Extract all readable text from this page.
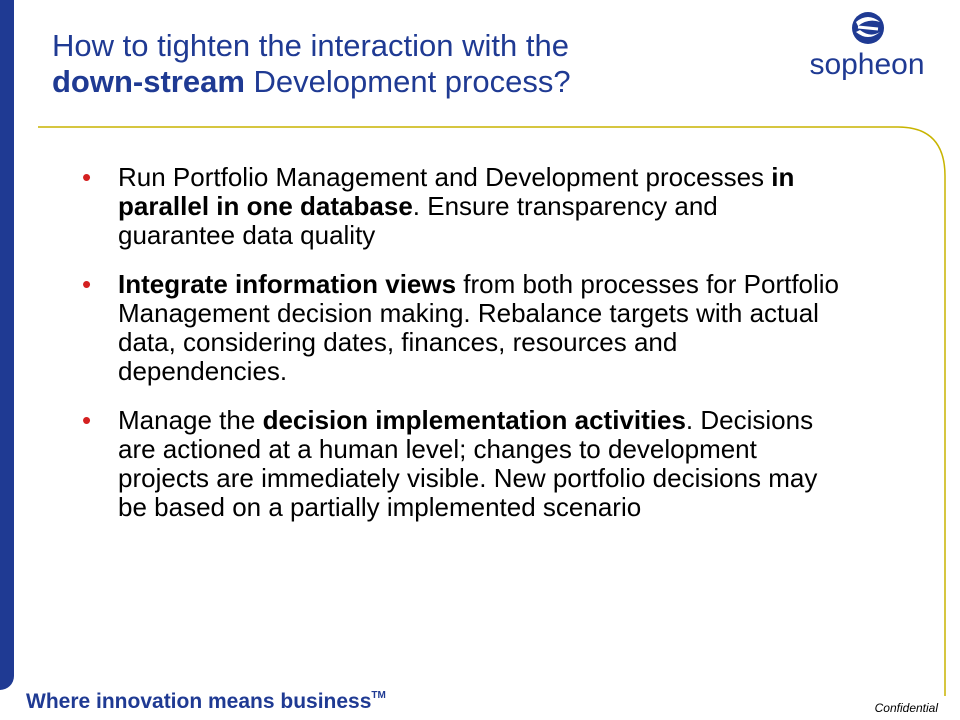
How to tighten the interaction with the
down-stream Development process?	sopheon
• Run Portfolio Management and Development processes in parallel in one database. Ensure transparency and guarantee data quality
• Integrate information views from both processes for Portfolio Management decision making. Rebalance targets with actual data, considering dates, finances, resources and dependencies.
• Manage the decision implementation activities. Decisions are actioned at a human level; changes to development projects are immediately visible. New portfolio decisions may be based on a partially implemented scenario
Where innovation means business™
Confidential
